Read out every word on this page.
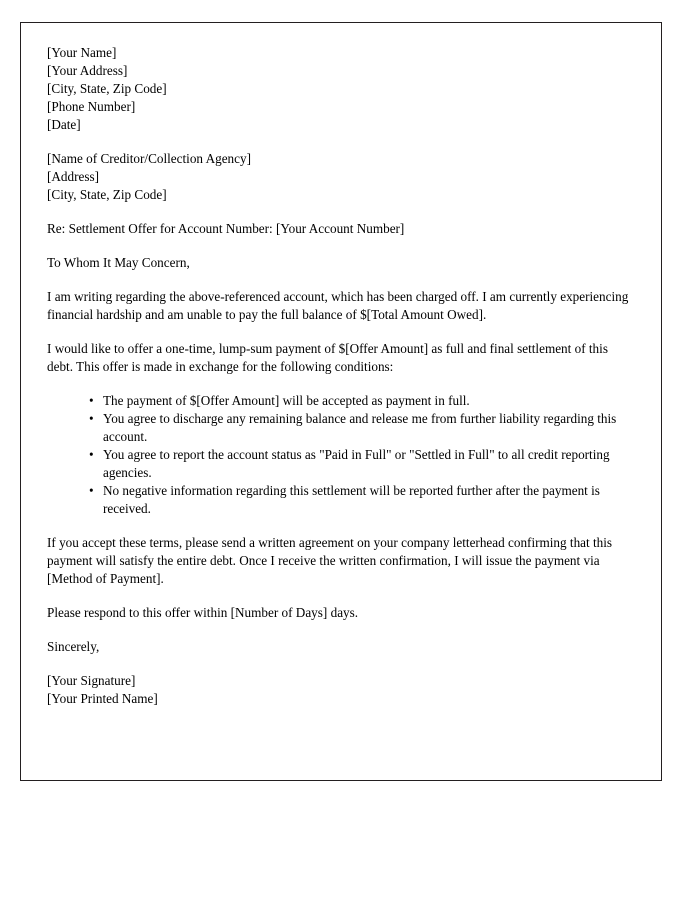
[Your Name]
[Your Address]
[City, State, Zip Code]
[Phone Number]
[Date]
[Name of Creditor/Collection Agency]
[Address]
[City, State, Zip Code]

Re: Settlement Offer for Account Number: [Your Account Number]

To Whom It May Concern,

I am writing regarding the above-referenced account, which has been charged off. I am currently experiencing financial hardship and am unable to pay the full balance of $[Total Amount Owed].

I would like to offer a one-time, lump-sum payment of $[Offer Amount] as full and final settlement of this debt. This offer is made in exchange for the following conditions:

• The payment of $[Offer Amount] will be accepted as payment in full.
• You agree to discharge any remaining balance and release me from further liability regarding this account.
• You agree to report the account status as "Paid in Full" or "Settled in Full" to all credit reporting agencies.
• No negative information regarding this settlement will be reported further after the payment is received.

If you accept these terms, please send a written agreement on your company letterhead confirming that this payment will satisfy the entire debt. Once I receive the written confirmation, I will issue the payment via [Method of Payment].

Please respond to this offer within [Number of Days] days.

Sincerely,

[Your Signature]
[Your Printed Name]
